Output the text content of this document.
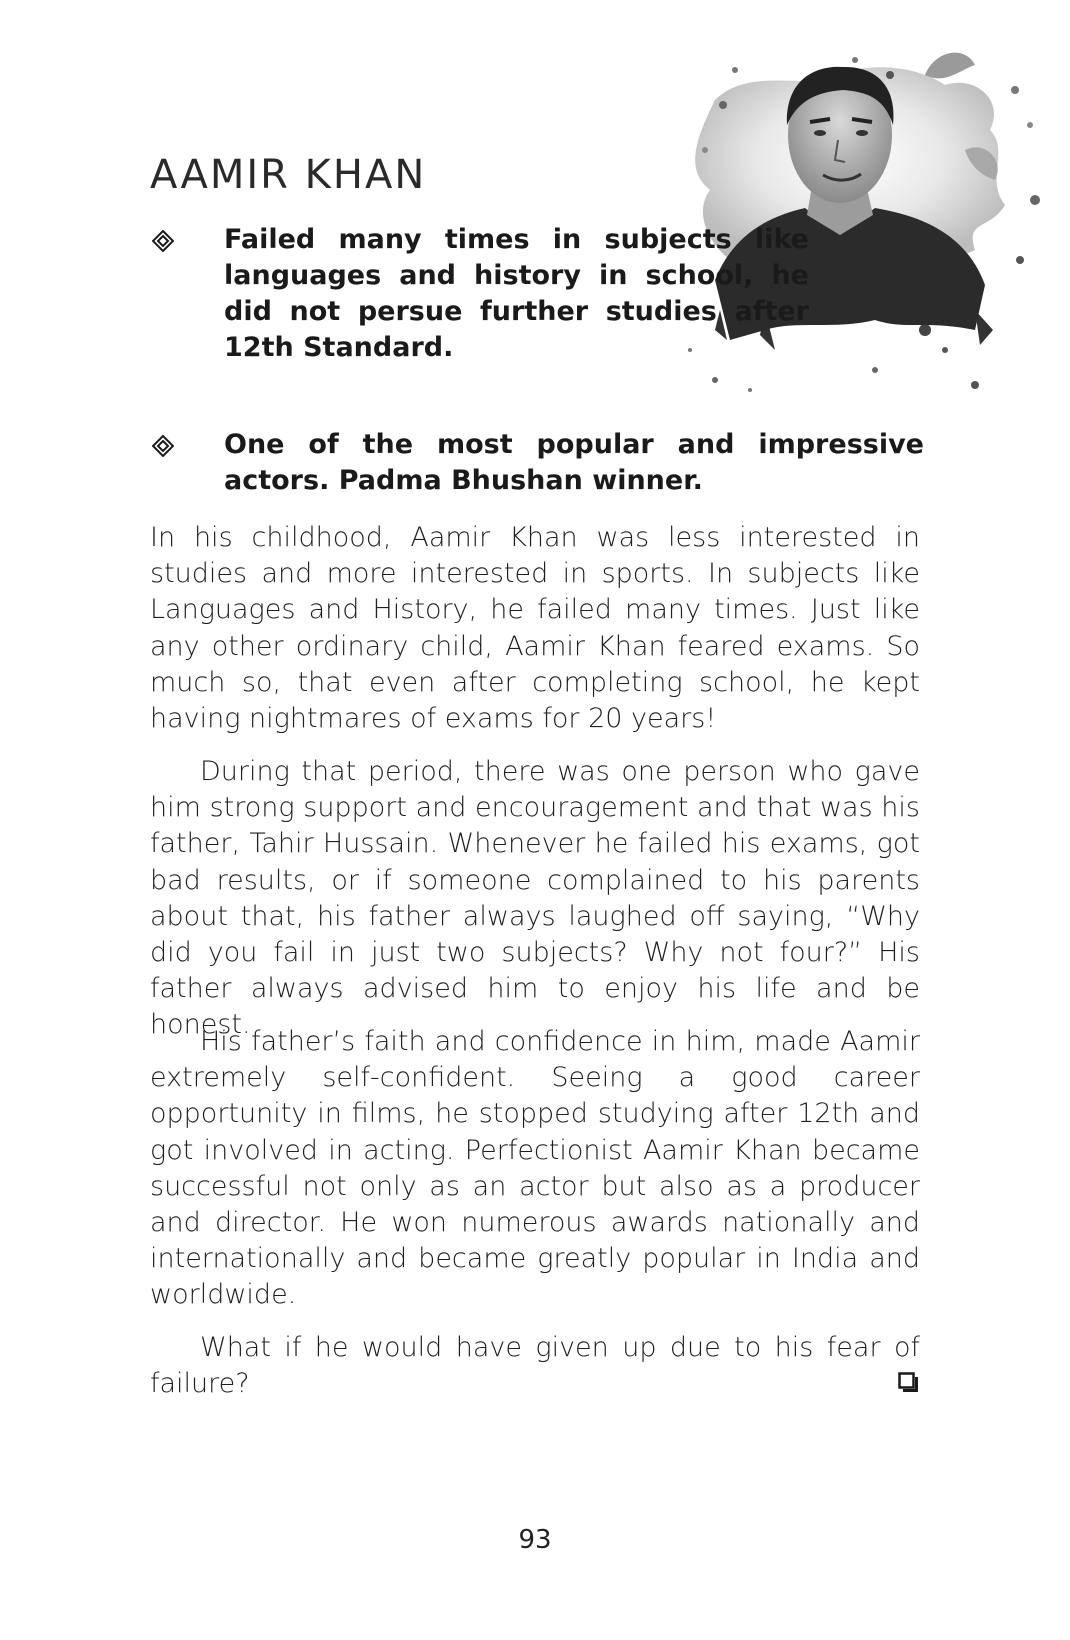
AAMIR KHAN

Failed many times in subjects like languages and history in school, he did not persue further studies after 12th Standard.

One of the most popular and impressive actors. Padma Bhushan winner.

In his childhood, Aamir Khan was less interested in studies and more interested in sports. In subjects like Languages and History, he failed many times. Just like any other ordinary child, Aamir Khan feared exams. So much so, that even after completing school, he kept having nightmares of exams for 20 years!

During that period, there was one person who gave him strong support and encouragement and that was his father, Tahir Hussain. Whenever he failed his exams, got bad results, or if someone complained to his parents about that, his father always laughed off saying, “Why did you fail in just two subjects? Why not four?” His father always advised him to enjoy his life and be honest.

His father’s faith and confidence in him, made Aamir extremely self-confident. Seeing a good career opportunity in films, he stopped studying after 12th and got involved in acting. Perfectionist Aamir Khan became successful not only as an actor but also as a producer and director. He won numerous awards nationally and internationally and became greatly popular in India and worldwide.

What if he would have given up due to his fear of failure?

93
